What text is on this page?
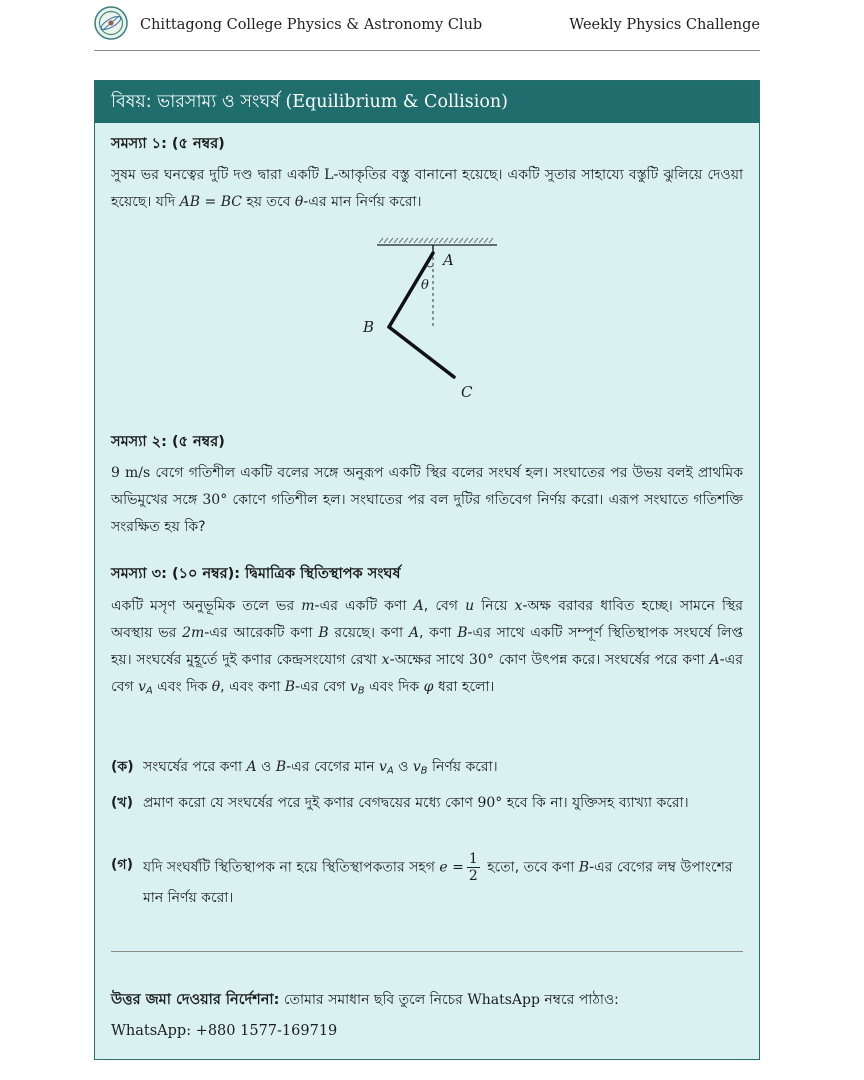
Chittagong College Physics & Astronomy Club	Weekly Physics Challenge
বিষয়: ভারসাম্য ও সংঘর্ষ (Equilibrium & Collision)
সমস্যা ১: (৫ নম্বর)
সুষম ভর ঘনত্বের দুটি দণ্ড দ্বারা একটি L-আকৃতির বস্তু বানানো হয়েছে। একটি সুতার সাহায্যে বস্তুটি ঝুলিয়ে দেওয়া হয়েছে। যদি AB = BC হয় তবে θ-এর মান নির্ণয় করো।
A
θ
B
C
সমস্যা ২: (৫ নম্বর)
9 m/s বেগে গতিশীল একটি বলের সঙ্গে অনুরূপ একটি স্থির বলের সংঘর্ষ হল। সংঘাতের পর উভয় বলই প্রাথমিক অভিমুখের সঙ্গে 30° কোণে গতিশীল হল। সংঘাতের পর বল দুটির গতিবেগ নির্ণয় করো। এরূপ সংঘাতে গতিশক্তি সংরক্ষিত হয় কি?
সমস্যা ৩: (১০ নম্বর): দ্বিমাত্রিক স্থিতিস্থাপক সংঘর্ষ
একটি মসৃণ অনুভূমিক তলে ভর m-এর একটি কণা A, বেগ u নিয়ে x-অক্ষ বরাবর ধাবিত হচ্ছে। সামনে স্থির অবস্থায় ভর 2m-এর আরেকটি কণা B রয়েছে। কণা A, কণা B-এর সাথে একটি সম্পূর্ণ স্থিতিস্থাপক সংঘর্ষে লিপ্ত হয়। সংঘর্ষের মুহূর্তে দুই কণার কেন্দ্রসংযোগ রেখা x-অক্ষের সাথে 30° কোণ উৎপন্ন করে। সংঘর্ষের পরে কণা A-এর বেগ $v_A$ এবং দিক θ, এবং কণা B-এর বেগ $v_B$ এবং দিক φ ধরা হলো।
(ক) সংঘর্ষের পরে কণা A ও B-এর বেগের মান $v_A$ ও $v_B$ নির্ণয় করো।
(খ) প্রমাণ করো যে সংঘর্ষের পরে দুই কণার বেগদ্বয়ের মধ্যে কোণ 90° হবে কি না। যুক্তিসহ ব্যাখ্যা করো।
(গ) যদি সংঘর্ষটি স্থিতিস্থাপক না হয়ে স্থিতিস্থাপকতার সহগ $e = \frac{1}{2}$ হতো, তবে কণা B-এর বেগের লম্ব উপাংশের মান নির্ণয় করো।
উত্তর জমা দেওয়ার নির্দেশনা: তোমার সমাধান ছবি তুলে নিচের WhatsApp নম্বরে পাঠাও:
WhatsApp: +880 1577-169719
